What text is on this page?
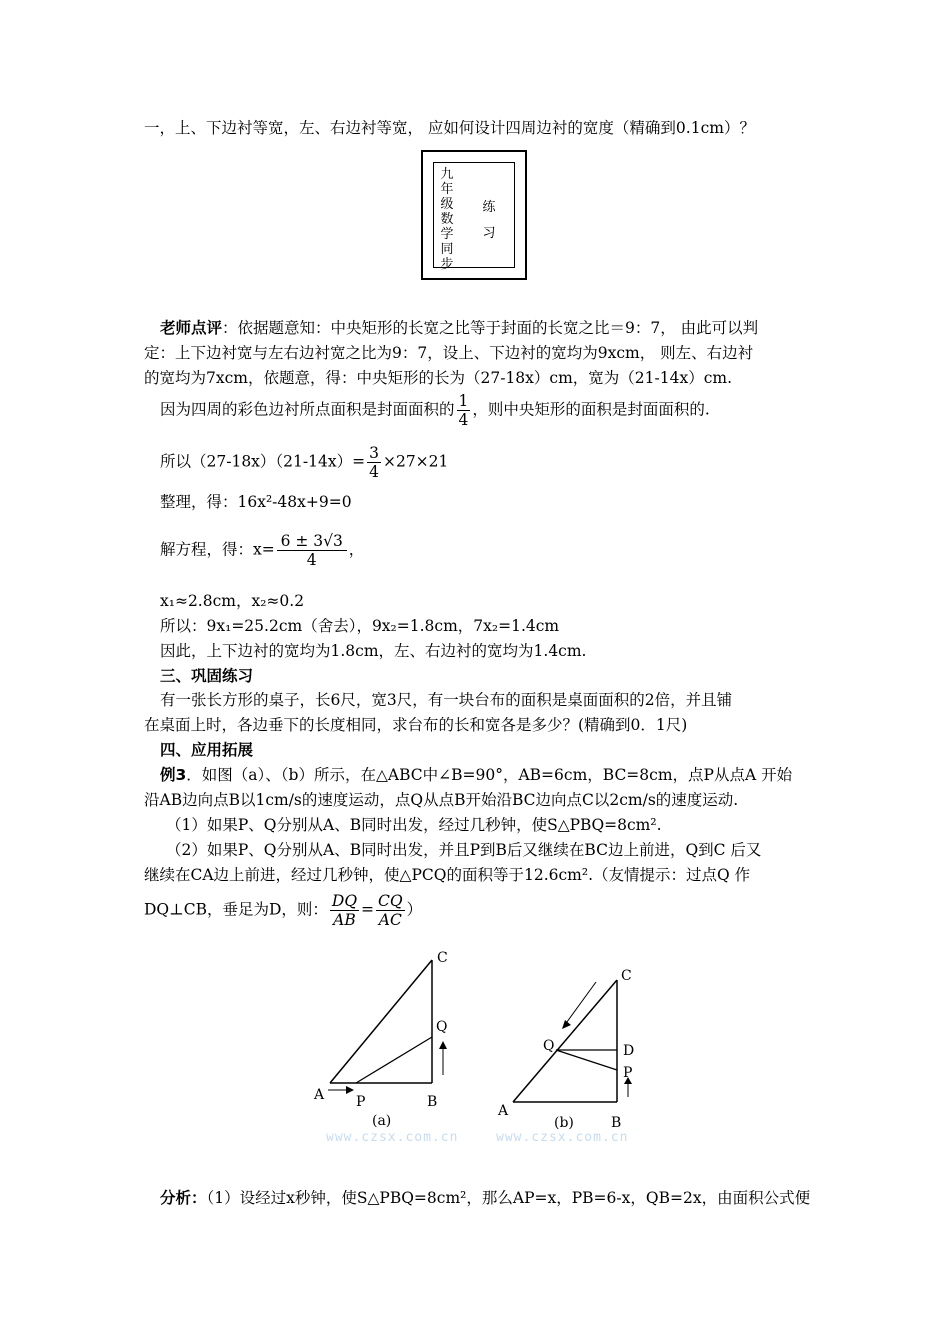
一，上、下边衬等宽，左、右边衬等宽， 应如何设计四周边衬的宽度（精确到0.1cm）？
九
年
级
数
学
同
步
练
习
老师点评：依据题意知：中央矩形的长宽之比等于封面的长宽之比＝9：7， 由此可以判
定：上下边衬宽与左右边衬宽之比为9：7，设上、下边衬的宽均为9xcm， 则左、右边衬
的宽均为7xcm，依题意，得：中央矩形的长为（27-18x）cm，宽为（21-14x）cm.
因为四周的彩色边衬所点面积是封面面积的 $\frac{1}{4}$ ，则中央矩形的面积是封面面积的.
所以$(27-18x)(21-14x)= \frac{3}{4} \times 27\times 21$
整理，得：16x²-48x+9=0
解方程，得：$x= \frac{6 \pm 3√3}{4}$ ，
x₁≈2.8cm，x₂≈0.2
所以：9x₁=25.2cm（舍去），9x₂=1.8cm，7x₂=1.4cm
因此，上下边衬的宽均为1.8cm，左、右边衬的宽均为1.4cm.
三、巩固练习
有一张长方形的桌子，长6尺，宽3尺，有一块台布的面积是桌面面积的2倍，并且铺
在桌面上时，各边垂下的长度相同，求台布的长和宽各是多少？(精确到0．1尺)
四、应用拓展
例3．如图（a）、（b）所示，在△ABC中∠B=90°，AB=6cm，BC=8cm，点P从点A 开始
沿AB边向点B以1cm/s的速度运动，点Q从点B开始沿BC边向点C以2cm/s的速度运动.
（1）如果P、Q分别从A、B同时出发，经过几秒钟，使S△PBQ=8cm².
（2）如果P、Q分别从A、B同时出发，并且P到B后又继续在BC边上前进，Q到C 后又
继续在CA边上前进，经过几秒钟，使△PCQ的面积等于12.6cm².（友情提示：过点Q 作
DQ⊥CB，垂足为D，则： $\frac{DQ}{AB} = \frac{CQ}{AC}$ ）
A P	B
C
Q
(a)
A
B
C
Q	D
P
(b)
www.czsx.com.cn	www.czsx.com.cn
分析：（1）设经过x秒钟，使S△PBQ=8cm²，那么AP=x，PB=6-x，QB=2x，由面积公式便
